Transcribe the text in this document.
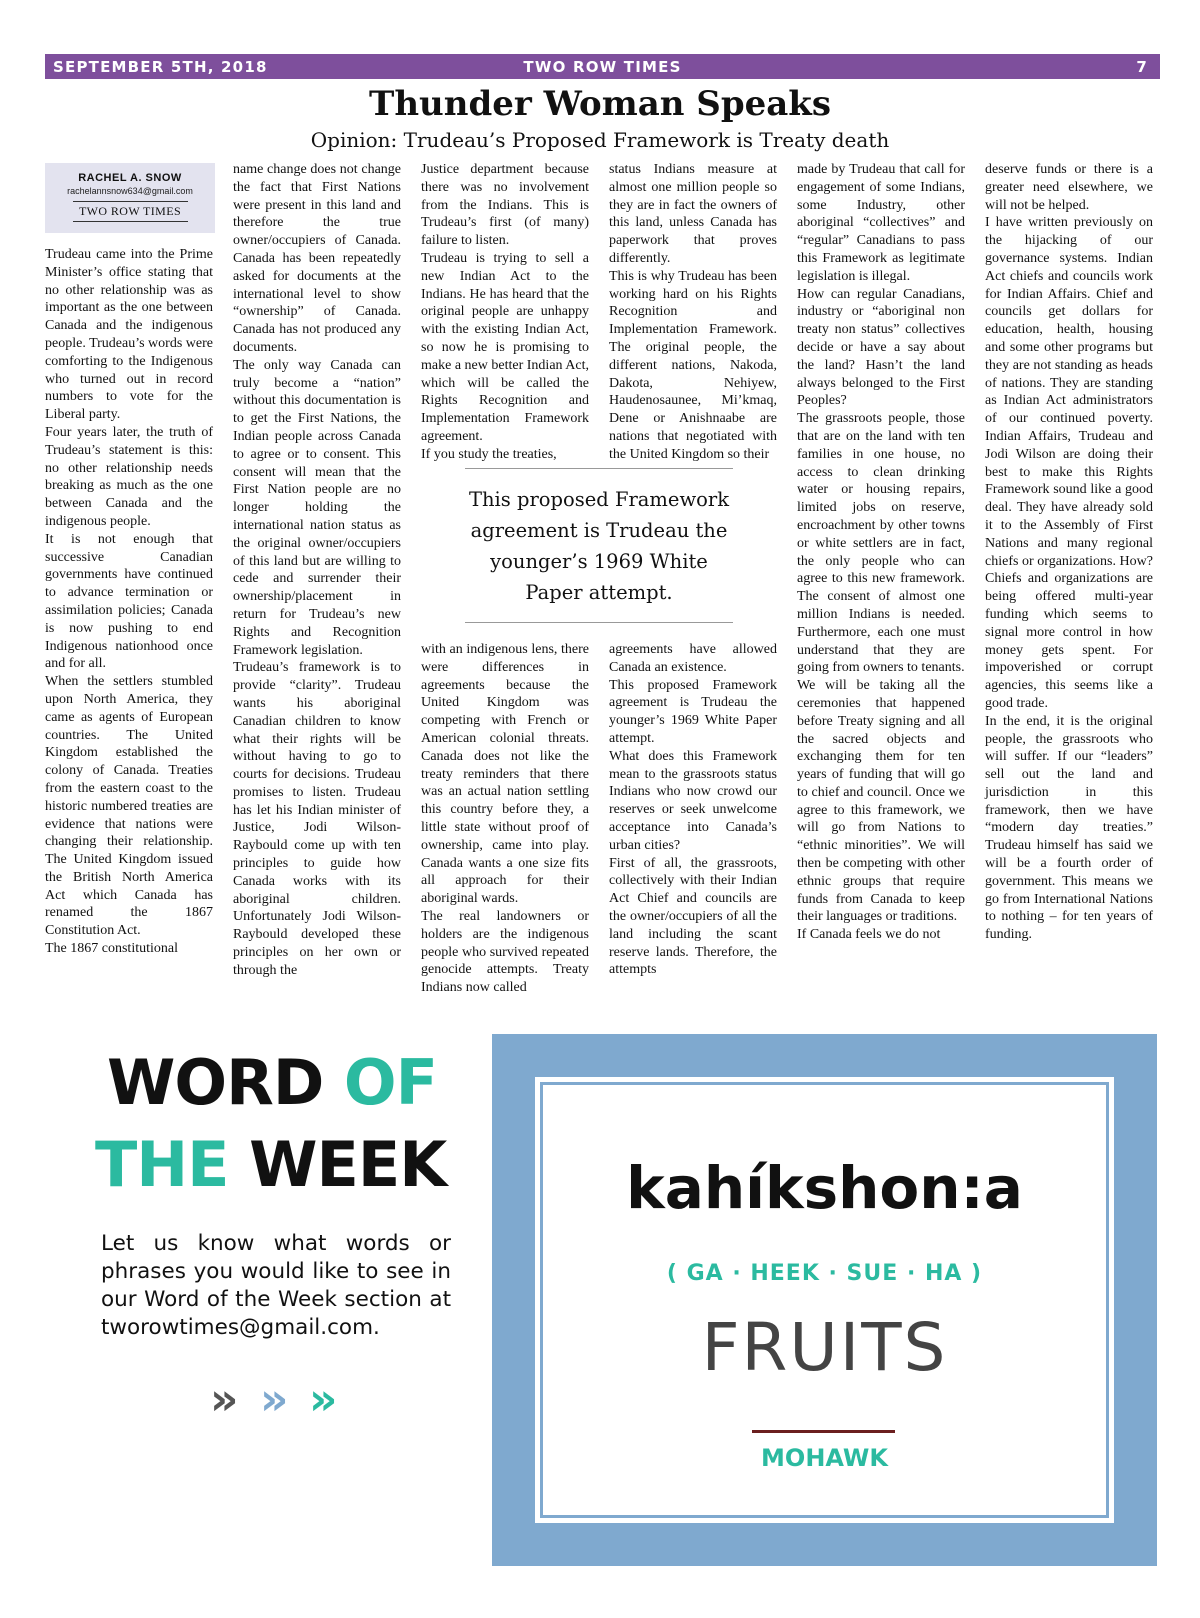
SEPTEMBER 5TH, 2018	TWO ROW TIMES	7
Thunder Woman Speaks
Opinion: Trudeau’s Proposed Framework is Treaty death
RACHEL A. SNOW
rachelannsnow634@gmail.com
TWO ROW TIMES
Trudeau came into the Prime Minister’s office stating that no other relationship was as important as the one between Canada and the indigenous people. Trudeau’s words were comforting to the Indigenous who turned out in record numbers to vote for the Liberal party.
Four years later, the truth of Trudeau’s statement is this: no other relationship needs breaking as much as the one between Canada and the indigenous people.
It is not enough that successive Canadian governments have continued to advance termination or assimilation policies; Canada is now pushing to end Indigenous nationhood once and for all.
When the settlers stumbled upon North America, they came as agents of European countries. The United Kingdom established the colony of Canada. Treaties from the eastern coast to the historic numbered treaties are evidence that nations were changing their relationship. The United Kingdom issued the British North America Act which Canada has renamed the 1867 Constitution Act.
The 1867 constitutional
name change does not change the fact that First Nations were present in this land and therefore the true owner/occupiers of Canada. Canada has been repeatedly asked for documents at the international level to show “ownership” of Canada. Canada has not produced any documents.
The only way Canada can truly become a “nation” without this documentation is to get the First Nations, the Indian people across Canada to agree or to consent. This consent will mean that the First Nation people are no longer holding the international nation status as the original owner/occupiers of this land but are willing to cede and surrender their ownership/placement in return for Trudeau’s new Rights and Recognition Framework legislation.
Trudeau’s framework is to provide “clarity”. Trudeau wants his aboriginal Canadian children to know what their rights will be without having to go to courts for decisions. Trudeau promises to listen. Trudeau has let his Indian minister of Justice, Jodi Wilson-Raybould come up with ten principles to guide how Canada works with its aboriginal children. Unfortunately Jodi Wilson-Raybould developed these principles on her own or through the
Justice department because there was no involvement from the Indians. This is Trudeau’s first (of many) failure to listen.
Trudeau is trying to sell a new Indian Act to the Indians. He has heard that the original people are unhappy with the existing Indian Act, so now he is promising to make a new better Indian Act, which will be called the Rights Recognition and Implementation Framework agreement.
If you study the treaties,
with an indigenous lens, there were differences in agreements because the United Kingdom was competing with French or American colonial threats. Canada does not like the treaty reminders that there was an actual nation settling this country before they, a little state without proof of ownership, came into play. Canada wants a one size fits all approach for their aboriginal wards.
The real landowners or holders are the indigenous people who survived repeated genocide attempts. Treaty Indians now called
status Indians measure at almost one million people so they are in fact the owners of this land, unless Canada has paperwork that proves differently.
This is why Trudeau has been working hard on his Rights Recognition and Implementation Framework. The original people, the different nations, Nakoda, Dakota, Nehiyew, Haudenosaunee, Mi’kmaq, Dene or Anishnaabe are nations that negotiated with the United Kingdom so their
agreements have allowed Canada an existence.
This proposed Framework agreement is Trudeau the younger’s 1969 White Paper attempt.
What does this Framework mean to the grassroots status Indians who now crowd our reserves or seek unwelcome acceptance into Canada’s urban cities?
First of all, the grassroots, collectively with their Indian Act Chief and councils are the owner/occupiers of all the land including the scant reserve lands. Therefore, the attempts
made by Trudeau that call for engagement of some Indians, some Industry, other aboriginal “collectives” and “regular” Canadians to pass this Framework as legitimate legislation is illegal.
How can regular Canadians, industry or “aboriginal non treaty non status” collectives decide or have a say about the land? Hasn’t the land always belonged to the First Peoples?
The grassroots people, those that are on the land with ten families in one house, no access to clean drinking water or housing repairs, limited jobs on reserve, encroachment by other towns or white settlers are in fact, the only people who can agree to this new framework. The consent of almost one million Indians is needed. Furthermore, each one must understand that they are going from owners to tenants.
We will be taking all the ceremonies that happened before Treaty signing and all the sacred objects and exchanging them for ten years of funding that will go to chief and council. Once we agree to this framework, we will go from Nations to “ethnic minorities”. We will then be competing with other ethnic groups that require funds from Canada to keep their languages or traditions.
If Canada feels we do not
deserve funds or there is a greater need elsewhere, we will not be helped.
I have written previously on the hijacking of our governance systems. Indian Act chiefs and councils work for Indian Affairs. Chief and councils get dollars for education, health, housing and some other programs but they are not standing as heads of nations. They are standing as Indian Act administrators of our continued poverty. Indian Affairs, Trudeau and Jodi Wilson are doing their best to make this Rights Framework sound like a good deal. They have already sold it to the Assembly of First Nations and many regional chiefs or organizations. How? Chiefs and organizations are being offered multi-year funding which seems to signal more control in how money gets spent. For impoverished or corrupt agencies, this seems like a good trade.
In the end, it is the original people, the grassroots who will suffer. If our “leaders” sell out the land and jurisdiction in this framework, then we have “modern day treaties.” Trudeau himself has said we will be a fourth order of government. This means we go from International Nations to nothing – for ten years of funding.
This proposed Framework agreement is Trudeau the younger’s 1969 White Paper attempt.
WORD OF
THE WEEK
Let us know what words or phrases you would like to see in our Word of the Week section at tworowtimes@gmail.com.
» » »
kahíkshon:a
( GA · HEEK · SUE · HA )
FRUITS
MOHAWK
